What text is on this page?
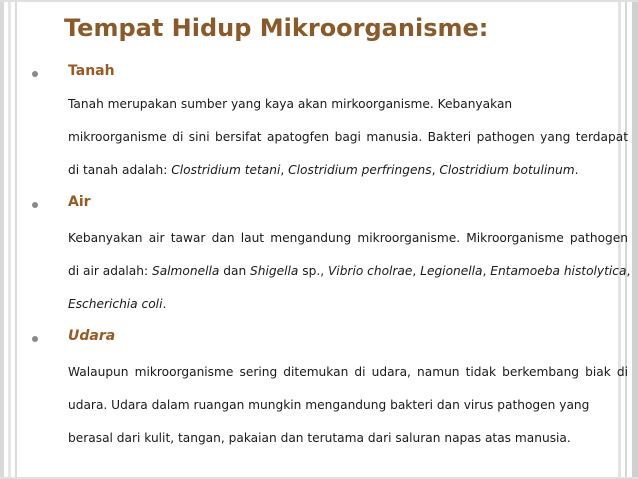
Tempat Hidup Mikroorganisme:
Tanah
Tanah merupakan sumber yang kaya akan mirkoorganisme. Kebanyakan
mikroorganisme di sini bersifat apatogfen bagi manusia. Bakteri pathogen yang terdapat
di tanah adalah: Clostridium tetani, Clostridium perfringens, Clostridium botulinum.
Air
Kebanyakan air tawar dan laut mengandung mikroorganisme. Mikroorganisme pathogen
di air adalah: Salmonella dan Shigella sp., Vibrio cholrae, Legionella, Entamoeba histolytica,
Escherichia coli.
Udara
Walaupun mikroorganisme sering ditemukan di udara, namun tidak berkembang biak di
udara. Udara dalam ruangan mungkin mengandung bakteri dan virus pathogen yang
berasal dari kulit, tangan, pakaian dan terutama dari saluran napas atas manusia.
